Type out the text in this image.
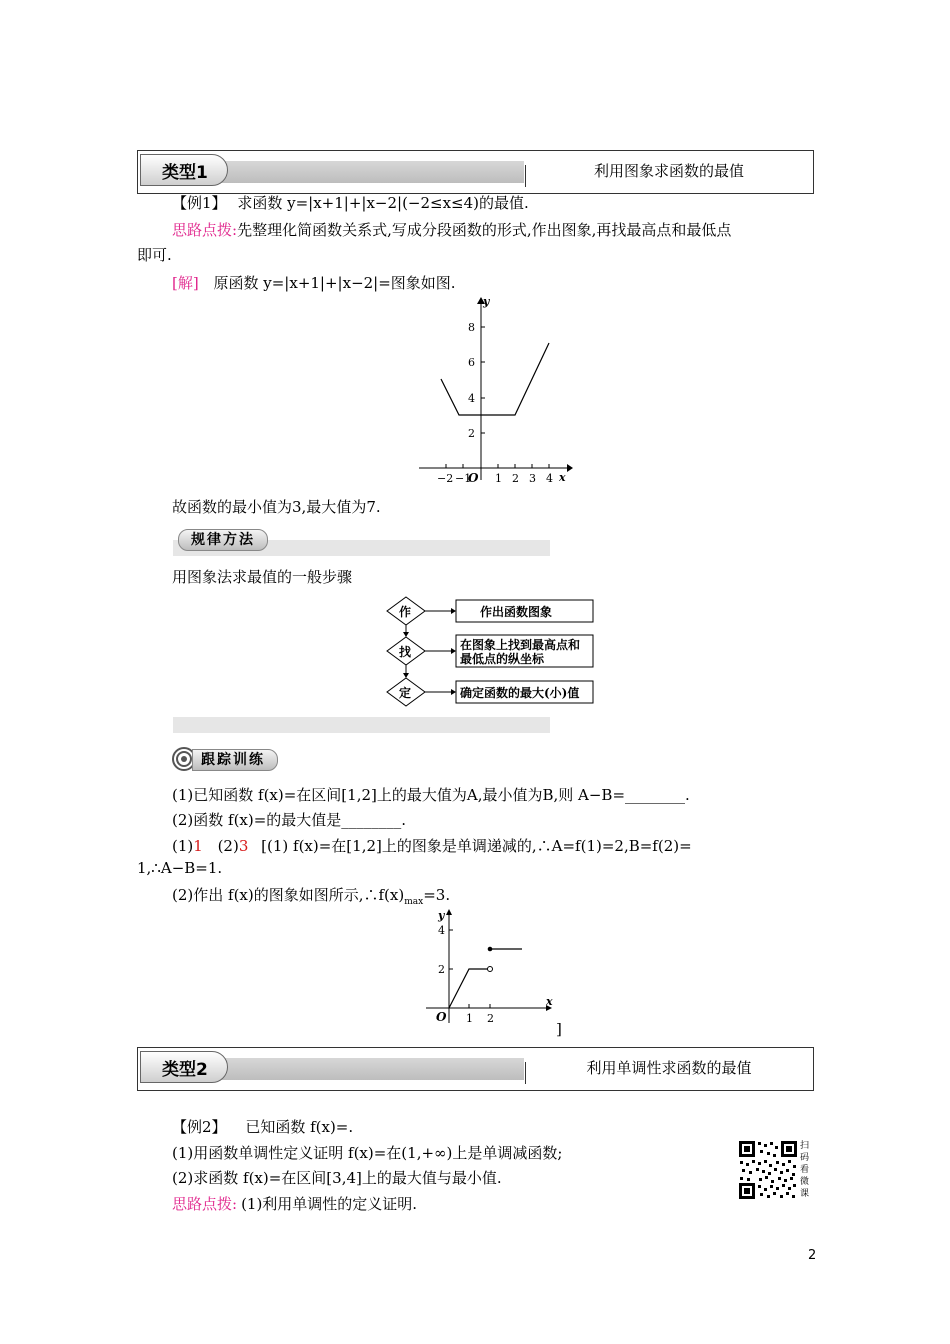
类型1	利用图象求函数的最值
【例1】 求函数 y=|x+1|+|x−2|(−2≤x≤4)的最值.
思路点拨:先整理化简函数关系式,写成分段函数的形式,作出图象,再找最高点和最低点
即可.
[解] 原函数 y=|x+1|+|x−2|=图象如图.
y
x
O
8
6
4
2
−2 −1 1 2 3 4
故函数的最小值为3,最大值为7.
规律方法
用图象法求最值的一般步骤
作
找
定
作出函数图象
在图象上找到最高点和
最低点的纵坐标
确定函数的最大(小)值
跟踪训练
(1)已知函数 f(x)=在区间[1,2]上的最大值为A,最小值为B,则 A−B=________.
(2)函数 f(x)=的最大值是________.
(1)1 (2)3 [(1) f(x)=在[1,2]上的图象是单调递减的,∴A=f(1)=2,B=f(2)=
1,∴A−B=1.
(2)作出 f(x)的图象如图所示$,\therefore f(x)_{max}=3$.
y
x
O
4
2
1 2
]
类型2	利用单调性求函数的最值
【例2】 已知函数 f(x)=.
(1)用函数单调性定义证明 f(x)=在(1,+∞)上是单调减函数;
(2)求函数 f(x)=在区间[3,4]上的最大值与最小值.
思路点拨: (1)利用单调性的定义证明.
扫
码
看
微
课
2
